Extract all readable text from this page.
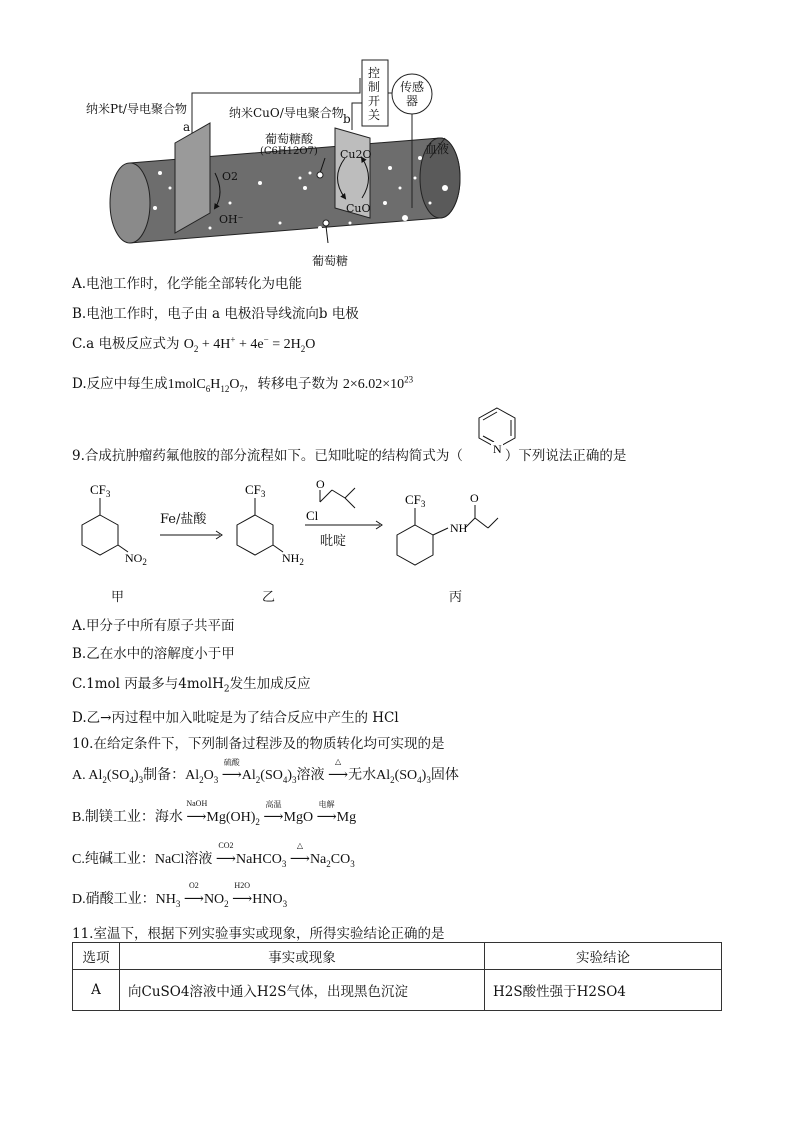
纳米Pt/导电聚合物
a
纳米CuO/导电聚合物 b
控
制
开
关
传感
器
葡萄糖酸
(C6H12O7) Cu2O
CuO
O2
OH⁻
血液
葡萄糖
A.电池工作时，化学能全部转化为电能
B.电池工作时，电子由 a 电极沿导线流向b 电极
C.a 电极反应式为 $O_2 + 4H^+ + 4e^- = 2H_2O$
D.反应中每生成$1molC_6H_{12}O_7$，转移电子数为 $2\times 6.02\times 10^{23}$
9.合成抗肿瘤药氟他胺的部分流程如下。已知吡啶的结构简式为（	）下列说法正确的是
N
$CF_3$
$NO_2$
$CF_3$
$NH_2$
O
Cl
$CF_3$
NH
O
Fe/盐酸
吡啶
甲	乙	丙
A.甲分子中所有原子共平面
B.乙在水中的溶解度小于甲
C.1mol 丙最多与4molH$_2$发生加成反应
D.乙→丙过程中加入吡啶是为了结合反应中产生的 HCl
10.在给定条件下，下列制备过程涉及的物质转化均可实现的是
A. $Al_2(SO_4)_3$制备：$Al_2O_3$ ⟶
硫酸
$Al_2(SO_4)_3$溶液 ⟶
△
无水$Al_2(SO_4)_3$固体
B.制镁工业：海水 ⟶
NaOH
$Mg(OH)_2$ ⟶
高温
MgO ⟶
电解
Mg
C.纯碱工业：NaCl溶液 ⟶
CO2
NaHCO$_3$ ⟶
△
$Na_2CO_3$
D.硝酸工业：$NH_3$ ⟶
O2
$NO_2$ ⟶
H2O
$HNO_3$
11.室温下，根据下列实验事实或现象，所得实验结论正确的是
选项	事实或现象	实验结论
A	向CuSO4溶液中通入H2S气体，出现黑色沉淀	H2S酸性强于H2SO4
